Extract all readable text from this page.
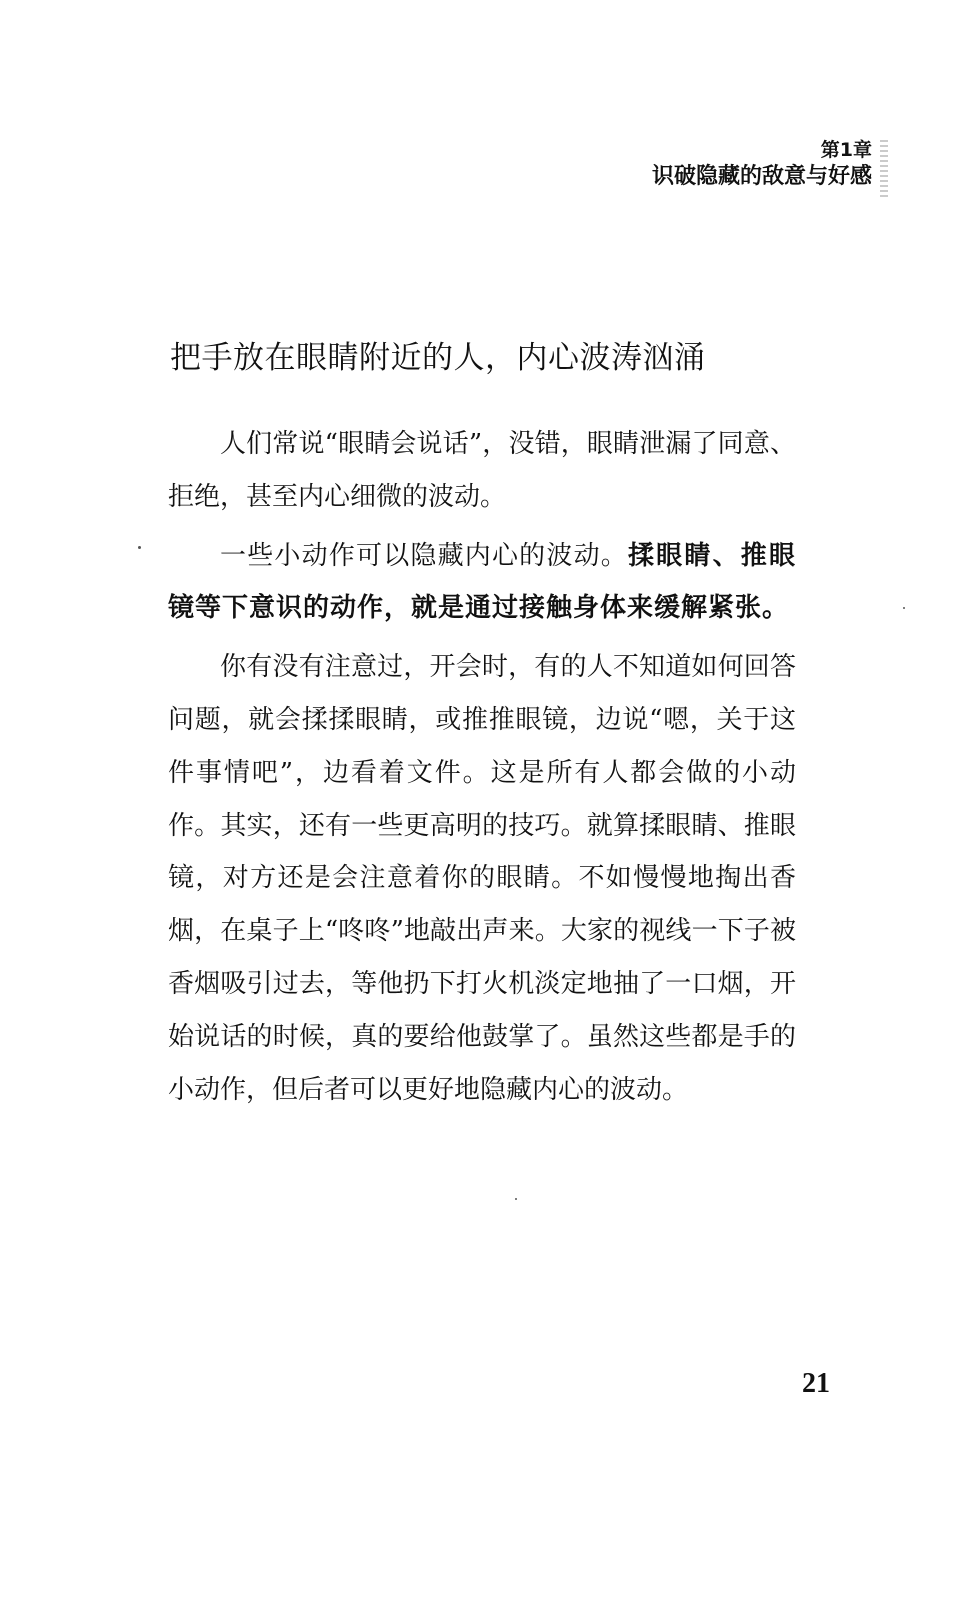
第1章
识破隐藏的敌意与好感
把手放在眼睛附近的人，内心波涛汹涌

人们常说“眼睛会说话”，没错，眼睛泄漏了同意、拒绝，甚至内心细微的波动。

一些小动作可以隐藏内心的波动。揉眼睛、推眼镜等下意识的动作，就是通过接触身体来缓解紧张。

你有没有注意过，开会时，有的人不知道如何回答问题，就会揉揉眼睛，或推推眼镜，边说“嗯，关于这件事情吧”，边看着文件。这是所有人都会做的小动作。其实，还有一些更高明的技巧。就算揉眼睛、推眼镜，对方还是会注意着你的眼睛。不如慢慢地掏出香烟，在桌子上“咚咚”地敲出声来。大家的视线一下子被香烟吸引过去，等他扔下打火机淡定地抽了一口烟，开始说话的时候，真的要给他鼓掌了。虽然这些都是手的小动作，但后者可以更好地隐藏内心的波动。

21
